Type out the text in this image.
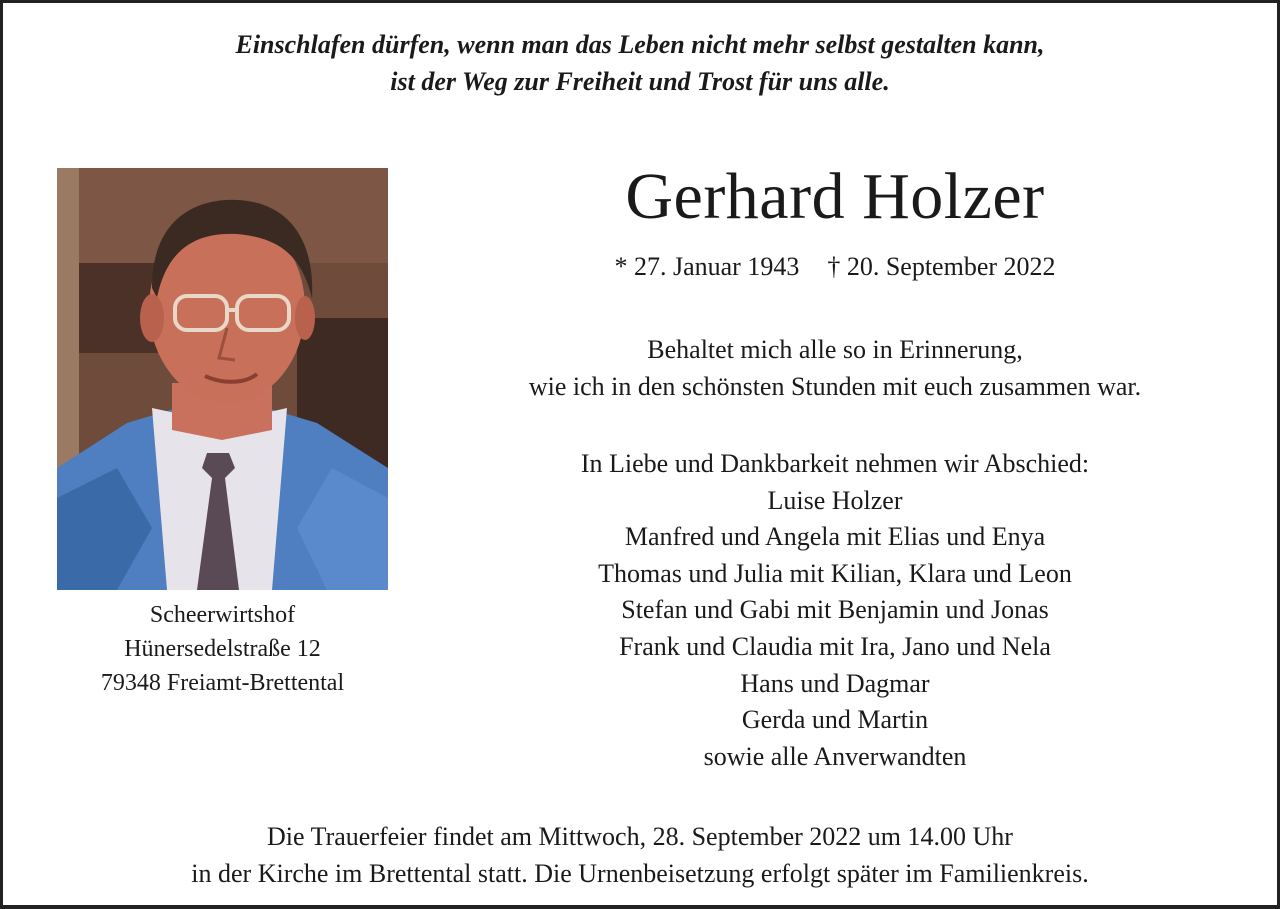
Einschlafen dürfen, wenn man das Leben nicht mehr selbst gestalten kann,
ist der Weg zur Freiheit und Trost für uns alle.
Scheerwirtshof
Hünersedelstraße 12
79348 Freiamt-Brettental
Gerhard Holzer
* 27. Januar 1943 † 20. September 2022
Behaltet mich alle so in Erinnerung,
wie ich in den schönsten Stunden mit euch zusammen war.
In Liebe und Dankbarkeit nehmen wir Abschied:
Luise Holzer
Manfred und Angela mit Elias und Enya
Thomas und Julia mit Kilian, Klara und Leon
Stefan und Gabi mit Benjamin und Jonas
Frank und Claudia mit Ira, Jano und Nela
Hans und Dagmar
Gerda und Martin
sowie alle Anverwandten
Die Trauerfeier findet am Mittwoch, 28. September 2022 um 14.00 Uhr
in der Kirche im Brettental statt. Die Urnenbeisetzung erfolgt später im Familienkreis.
